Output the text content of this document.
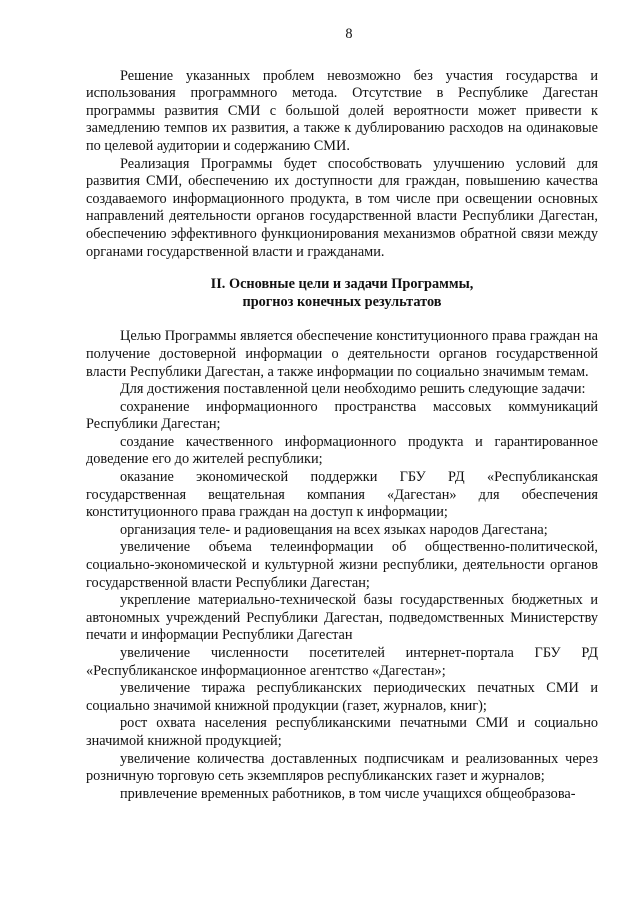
8

Решение указанных проблем невозможно без участия государства и использования программного метода. Отсутствие в Республике Дагестан программы развития СМИ с большой долей вероятности может привести к замедлению темпов их развития, а также к дублированию расходов на одинаковые по целевой аудитории и содержанию СМИ.

Реализация Программы будет способствовать улучшению условий для развития СМИ, обеспечению их доступности для граждан, повышению качества создаваемого информационного продукта, в том числе при освещении основных направлений деятельности органов государственной власти Республики Дагестан, обеспечению эффективного функционирования механизмов обратной связи между органами государственной власти и гражданами.

II. Основные цели и задачи Программы,
прогноз конечных результатов

Целью Программы является обеспечение конституционного права граждан на получение достоверной информации о деятельности органов государственной власти Республики Дагестан, а также информации по социально значимым темам.

Для достижения поставленной цели необходимо решить следующие задачи:

сохранение информационного пространства массовых коммуникаций Республики Дагестан;

создание качественного информационного продукта и гарантированное доведение его до жителей республики;

оказание экономической поддержки ГБУ РД «Республиканская государственная вещательная компания «Дагестан» для обеспечения конституционного права граждан на доступ к информации;

организация теле- и радиовещания на всех языках народов Дагестана;

увеличение объема телеинформации об общественно-политической, социально-экономической и культурной жизни республики, деятельности органов государственной власти Республики Дагестан;

укрепление материально-технической базы государственных бюджетных и автономных учреждений Республики Дагестан, подведомственных Министерству печати и информации Республики Дагестан

увеличение численности посетителей интернет-портала ГБУ РД «Республиканское информационное агентство «Дагестан»;

увеличение тиража республиканских периодических печатных СМИ и социально значимой книжной продукции (газет, журналов, книг);

рост охвата населения республиканскими печатными СМИ и социально значимой книжной продукцией;

увеличение количества доставленных подписчикам и реализованных через розничную торговую сеть экземпляров республиканских газет и журналов;

привлечение временных работников, в том числе учащихся общеобразова-
